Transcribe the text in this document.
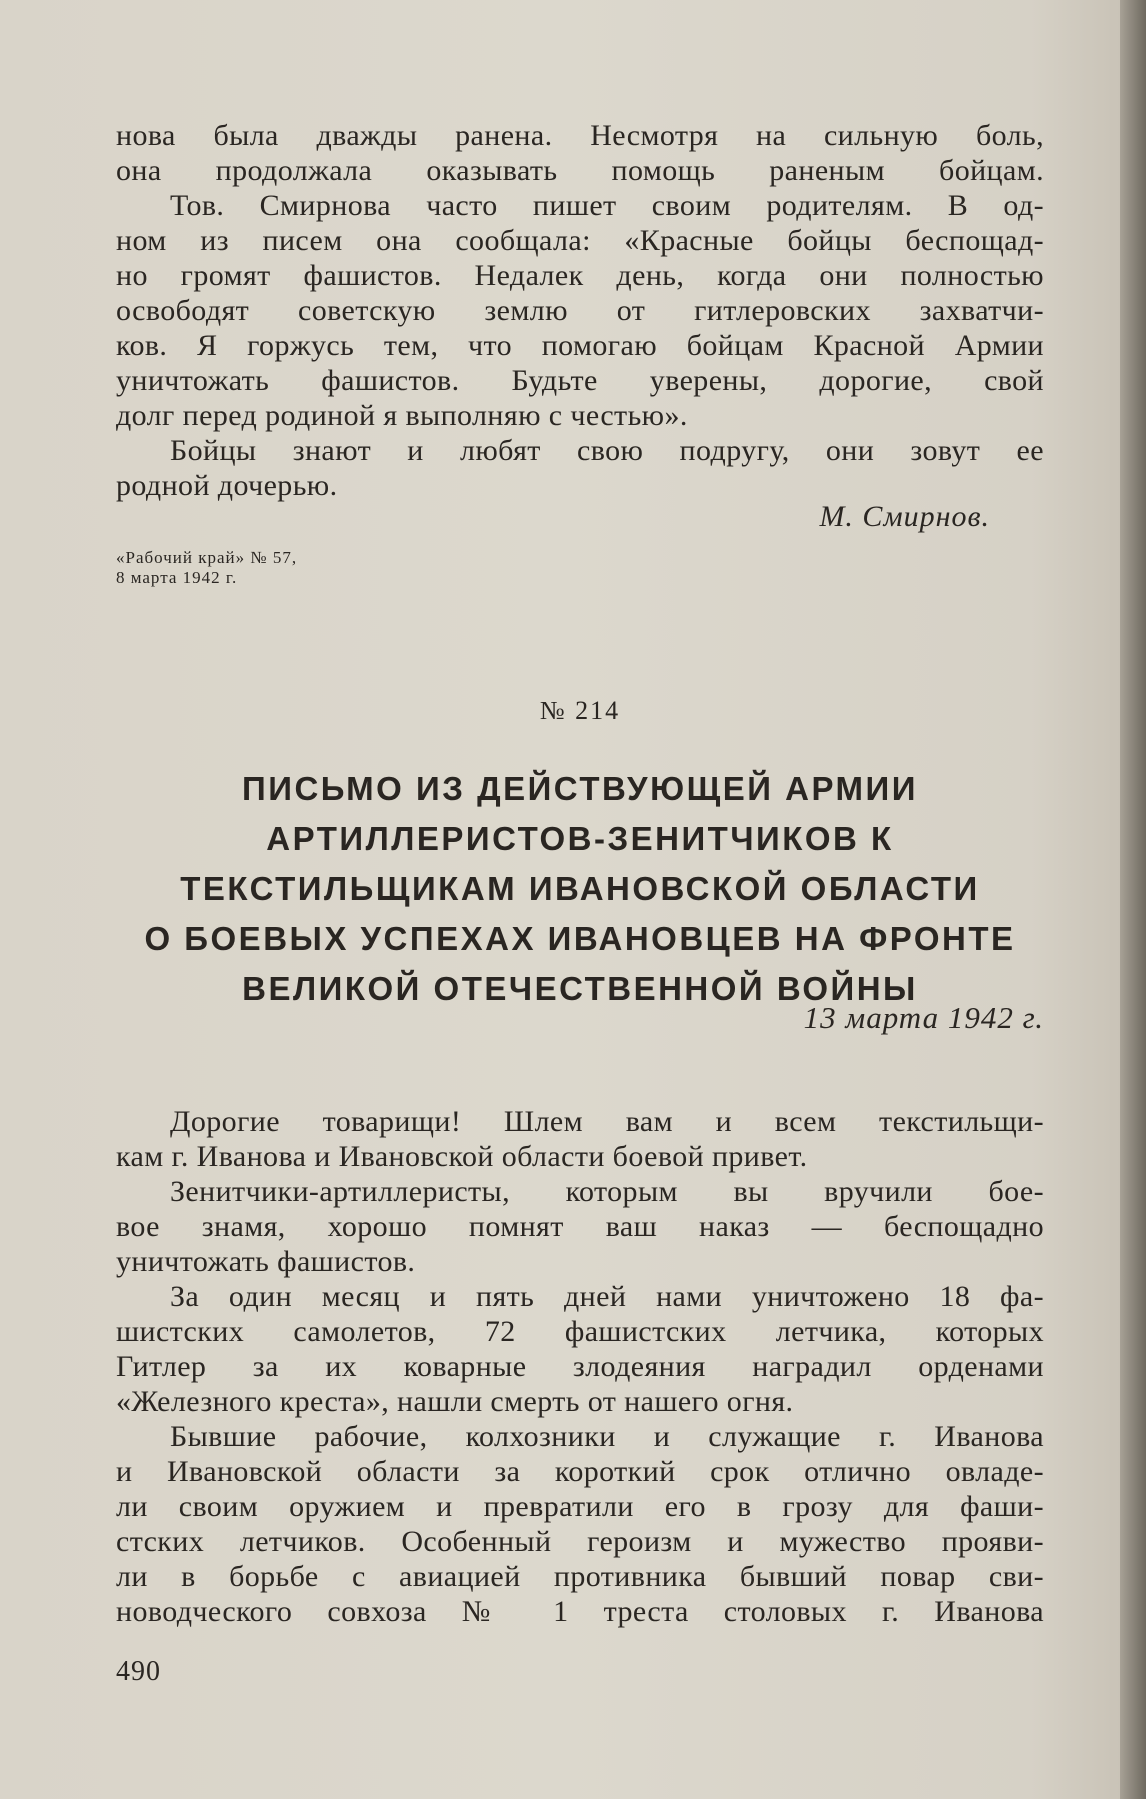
нова была дважды ранена. Несмотря на сильную боль,
она продолжала оказывать помощь раненым бойцам.

Тов. Смирнова часто пишет своим родителям. В од-
ном из писем она сообщала: «Красные бойцы беспощад-
но громят фашистов. Недалек день, когда они полностью
освободят советскую землю от гитлеровских захватчи-
ков. Я горжусь тем, что помогаю бойцам Красной Армии
уничтожать фашистов. Будьте уверены, дорогие, свой
долг перед родиной я выполняю с честью».

Бойцы знают и любят свою подругу, они зовут ее
родной дочерью.

М. Смирнов.
«Рабочий край» № 57,
8 марта 1942 г.
№ 214
ПИСЬМО ИЗ ДЕЙСТВУЮЩЕЙ АРМИИ
АРТИЛЛЕРИСТОВ-ЗЕНИТЧИКОВ К
ТЕКСТИЛЬЩИКАМ ИВАНОВСКОЙ ОБЛАСТИ
О БОЕВЫХ УСПЕХАХ ИВАНОВЦЕВ НА ФРОНТЕ
ВЕЛИКОЙ ОТЕЧЕСТВЕННОЙ ВОЙНЫ
13 марта 1942 г.

Дорогие товарищи! Шлем вам и всем текстильщи-
кам г. Иванова и Ивановской области боевой привет.

Зенитчики-артиллеристы, которым вы вручили бое-
вое знамя, хорошо помнят ваш наказ — беспощадно
уничтожать фашистов.

За один месяц и пять дней нами уничтожено 18 фа-
шистских самолетов, 72 фашистских летчика, которых
Гитлер за их коварные злодеяния наградил орденами
«Железного креста», нашли смерть от нашего огня.

Бывшие рабочие, колхозники и служащие г. Иванова
и Ивановской области за короткий срок отлично овладе-
ли своим оружием и превратили его в грозу для фаши-
стских летчиков. Особенный героизм и мужество прояви-
ли в борьбе с авиацией противника бывший повар сви-
новодческого совхоза № 1 треста столовых г. Иванова

490
